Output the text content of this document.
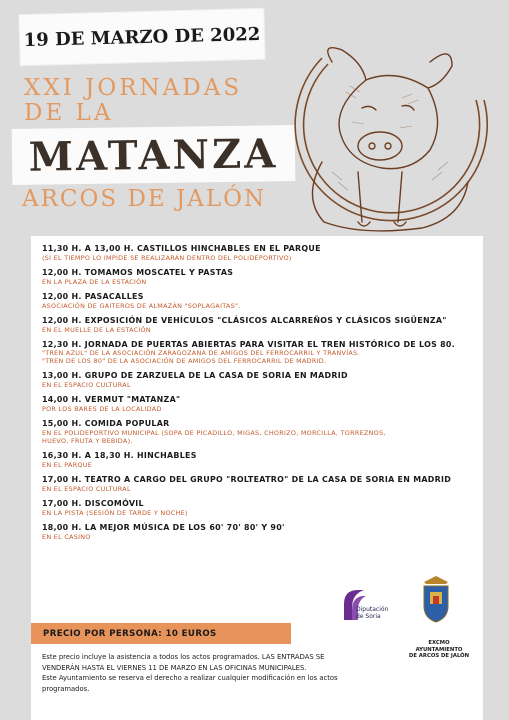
19 DE MARZO DE 2022
XXI JORNADAS
DE LA
MATANZA
ARCOS DE JALÓN
11,30 H. A 13,00 H. CASTILLOS HINCHABLES EN EL PARQUE
(SI EL TIEMPO LO IMPIDE SE REALIZARÁN DENTRO DEL POLIDEPORTIVO)
12,00 H. TOMAMOS MOSCATEL Y PASTAS
EN LA PLAZA DE LA ESTACIÓN
12,00 H. PASACALLES
ASOCIACIÓN DE GAITEROS DE ALMAZÁN "SOPLAGAITAS".
12,00 H. EXPOSICIÓN DE VEHÍCULOS "CLÁSICOS ALCARREÑOS Y CLÁSICOS SIGÜENZA"
EN EL MUELLE DE LA ESTACIÓN
12,30 H. JORNADA DE PUERTAS ABIERTAS PARA VISITAR EL TREN HISTÓRICO DE LOS 80.
"TREN AZUL" DE LA ASOCIACIÓN ZARAGOZANA DE AMIGOS DEL FERROCARRIL Y TRANVÍAS.
"TREN DE LOS 80" DE LA ASOCIACIÓN DE AMIGOS DEL FERROCARRIL DE MADRID.
13,00 H. GRUPO DE ZARZUELA DE LA CASA DE SORIA EN MADRID
EN EL ESPACIO CULTURAL
14,00 H. VERMUT "MATANZA"
POR LOS BARES DE LA LOCALIDAD
15,00 H. COMIDA POPULAR
EN EL POLIDEPORTIVO MUNICIPAL (SOPA DE PICADILLO, MIGAS, CHORIZO, MORCILLA, TORREZNOS,
HUEVO, FRUTA Y BEBIDA).
16,30 H. A 18,30 H. HINCHABLES
EN EL PARQUE
17,00 H. TEATRO A CARGO DEL GRUPO "ROLTEATRO" DE LA CASA DE SORIA EN MADRID
EN EL ESPACIO CULTURAL
17,00 H. DISCOMÓVIL
EN LA PISTA (SESIÓN DE TARDE Y NOCHE)
18,00 H. LA MEJOR MÚSICA DE LOS 60' 70' 80' Y 90'
EN EL CASINO
PRECIO POR PERSONA: 10 EUROS
Este precio incluye la asistencia a todos los actos programados. LAS ENTRADAS SE
VENDERÁN HASTA EL VIERNES 11 DE MARZO EN LAS OFICINAS MUNICIPALES.
Este Ayuntamiento se reserva el derecho a realizar cualquier modificación en los actos
programados.
Diputación
de Soria
EXCMO
AYUNTAMIENTO
DE ARCOS DE JALÓN
